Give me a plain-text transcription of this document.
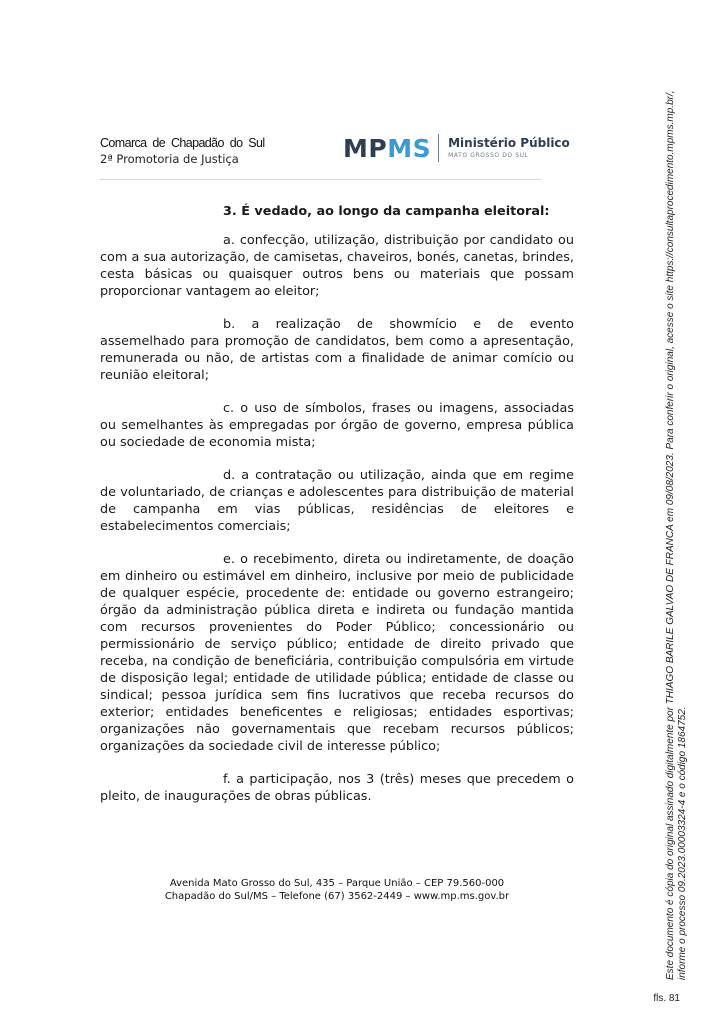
Comarca de Chapadão do Sul
2ª Promotoria de Justiça	MPMS Ministério Público
MATO GROSSO DO SUL

3. É vedado, ao longo da campanha eleitoral:

a. confecção, utilização, distribuição por candidato ou com a sua autorização, de camisetas, chaveiros, bonés, canetas, brindes, cesta básicas ou quaisquer outros bens ou materiais que possam proporcionar vantagem ao eleitor;

b. a realização de showmício e de evento assemelhado para promoção de candidatos, bem como a apresentação, remunerada ou não, de artistas com a finalidade de animar comício ou reunião eleitoral;

c. o uso de símbolos, frases ou imagens, associadas ou semelhantes às empregadas por órgão de governo, empresa pública ou sociedade de economia mista;

d. a contratação ou utilização, ainda que em regime de voluntariado, de crianças e adolescentes para distribuição de material de campanha em vias públicas, residências de eleitores e estabelecimentos comerciais;

e. o recebimento, direta ou indiretamente, de doação em dinheiro ou estimável em dinheiro, inclusive por meio de publicidade de qualquer espécie, procedente de: entidade ou governo estrangeiro; órgão da administração pública direta e indireta ou fundação mantida com recursos provenientes do Poder Público; concessionário ou permissionário de serviço público; entidade de direito privado que receba, na condição de beneficiária, contribuição compulsória em virtude de disposição legal; entidade de utilidade pública; entidade de classe ou sindical; pessoa jurídica sem fins lucrativos que receba recursos do exterior; entidades beneficentes e religiosas; entidades esportivas; organizações não governamentais que recebam recursos públicos; organizações da sociedade civil de interesse público;

f. a participação, nos 3 (três) meses que precedem o pleito, de inaugurações de obras públicas.

Avenida Mato Grosso do Sul, 435 – Parque União – CEP 79.560-000
Chapadão do Sul/MS – Telefone (67) 3562-2449 – www.mp.ms.gov.br	Este documento é cópia do original assinado digitalmente por THIAGO BARILE GALVAO DE FRANCA em 09/08/2023. Para conferir o original, acesse o site https://consultaprocedimento.mpms.mp.br/, informe o processo 09.2023.00003324-4 e o código 1864752.
fls. 81
